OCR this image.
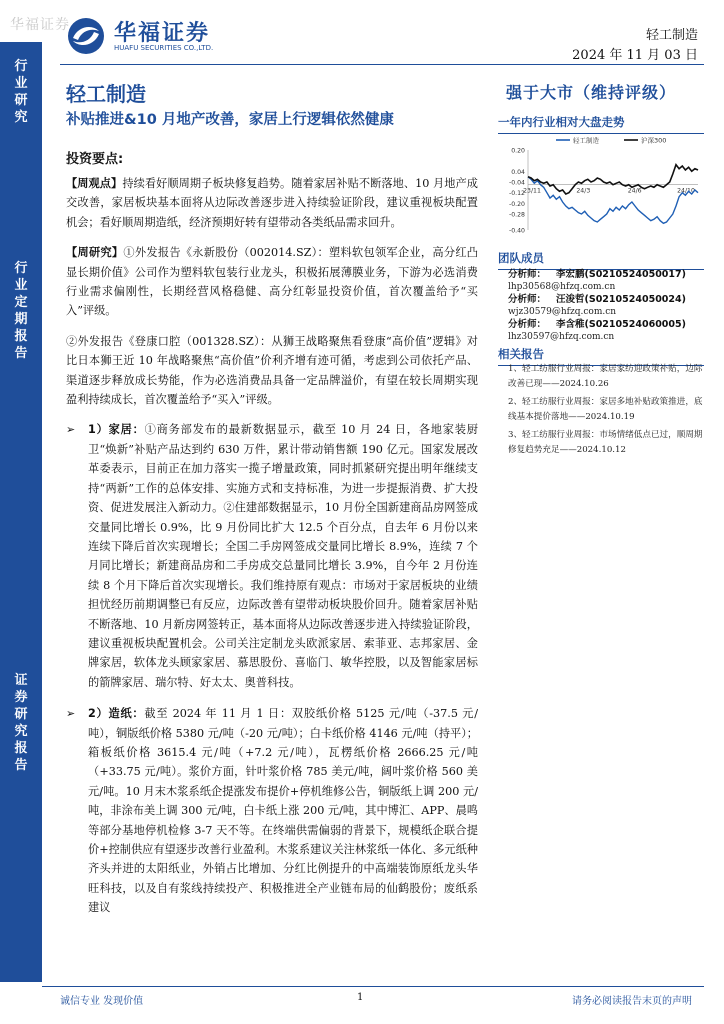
华福证券
行
业
研
究
行
业
定
期
报
告
证
券
研
究
报
告
华福证券
HUAFU SECURITIES CO.,LTD.
轻工制造
2024 年 11 月 03 日
轻工制造
补贴推进&10 月地产改善，家居上行逻辑依然健康
投资要点:

【周观点】持续看好顺周期子板块修复趋势。随着家居补贴不断落地、10 月地产成交改善，家居板块基本面将从边际改善逐步进入持续验证阶段，建议重视板块配置机会；看好顺周期造纸，经济预期好转有望带动各类纸品需求回升。

【周研究】①外发报告《永新股份（002014.SZ）：塑料软包领军企业，高分红凸显长期价值》公司作为塑料软包装行业龙头，积极拓展薄膜业务，下游为必选消费行业需求偏刚性，长期经营风格稳健、高分红彰显投资价值，首次覆盖给予“买入”评级。

②外发报告《登康口腔（001328.SZ）：从狮王战略聚焦看登康“高价值”逻辑》对比日本狮王近 10 年战略聚焦“高价值”价利齐增有迹可循，考虑到公司依托产品、渠道逐步释放成长势能，作为必选消费品具备一定品牌溢价，有望在较长周期实现盈利持续成长，首次覆盖给予“买入”评级。

➢ 1）家居：①商务部发布的最新数据显示，截至 10 月 24 日，各地家装厨卫“焕新”补贴产品达到约 630 万件，累计带动销售额 190 亿元。国家发展改革委表示，目前正在加力落实一揽子增量政策，同时抓紧研究提出明年继续支持“两新”工作的总体安排、实施方式和支持标准，为进一步提振消费、扩大投资、促进发展注入新动力。②住建部数据显示，10 月份全国新建商品房网签成交量同比增长 0.9%，比 9 月份同比扩大 12.5 个百分点，自去年 6 月份以来连续下降后首次实现增长；全国二手房网签成交量同比增长 8.9%，连续 7 个月同比增长；新建商品房和二手房成交总量同比增长 3.9%，自今年 2 月份连续 8 个月下降后首次实现增长。我们维持原有观点：市场对于家居板块的业绩担忧经历前期调整已有反应，边际改善有望带动板块股价回升。随着家居补贴不断落地、10 月新房网签转正，基本面将从边际改善逐步进入持续验证阶段，建议重视板块配置机会。公司关注定制龙头欧派家居、索菲亚、志邦家居、金牌家居，软体龙头顾家家居、慕思股份、喜临门、敏华控股，以及智能家居标的箭牌家居、瑞尔特、好太太、奥普科技。

➢ 2）造纸：截至 2024 年 11 月 1 日：双胶纸价格 5125 元/吨（-37.5 元/吨），铜版纸价格 5380 元/吨（-20 元/吨）；白卡纸价格 4146 元/吨（持平）；箱板纸价格 3615.4 元/吨（+7.2 元/吨），瓦楞纸价格 2666.25 元/吨（+33.75 元/吨）。浆价方面，针叶浆价格 785 美元/吨，阔叶浆价格 560 美元/吨。10 月末木浆系纸企提涨发布提价+停机维修公告，铜版纸上调 200 元/吨，非涂布美上调 300 元/吨，白卡纸上涨 200 元/吨，其中博汇、APP、晨鸣等部分基地停机检修 3-7 天不等。在终端供需偏弱的背景下，规模纸企联合提价+控制供应有望逐步改善行业盈利。木浆系建议关注林浆纸一体化、多元纸种齐头并进的太阳纸业，外销占比增加、分红比例提升的中高端装饰原纸龙头华旺科技，以及自有浆线持续投产、积极推进全产业链布局的仙鹤股份；废纸系建议

强于大市（维持评级）
一年内行业相对大盘走势
0.20
0.04
-0.04
-0.12
-0.20
-0.28
-0.40
23/11	24/3	24/6	24/10
轻工制造	沪深300
团队成员
分析师： 李宏鹏(S0210524050017)
lhp30568@hfzq.com.cn
分析师： 汪浚哲(S0210524050024)
wjz30579@hfzq.com.cn
分析师： 李含稚(S0210524060005)
lhz30597@hfzq.com.cn
相关报告

1、轻工纺服行业周报：家居家纺迎政策补贴，边际改善已现——2024.10.26

2、轻工纺服行业周报：家居多地补贴政策推进，底线基本提价落地——2024.10.19

3、轻工纺服行业周报：市场情绪低点已过，顺周期修复趋势充足——2024.10.12

诚信专业 发现价值	1	请务必阅读报告末页的声明
